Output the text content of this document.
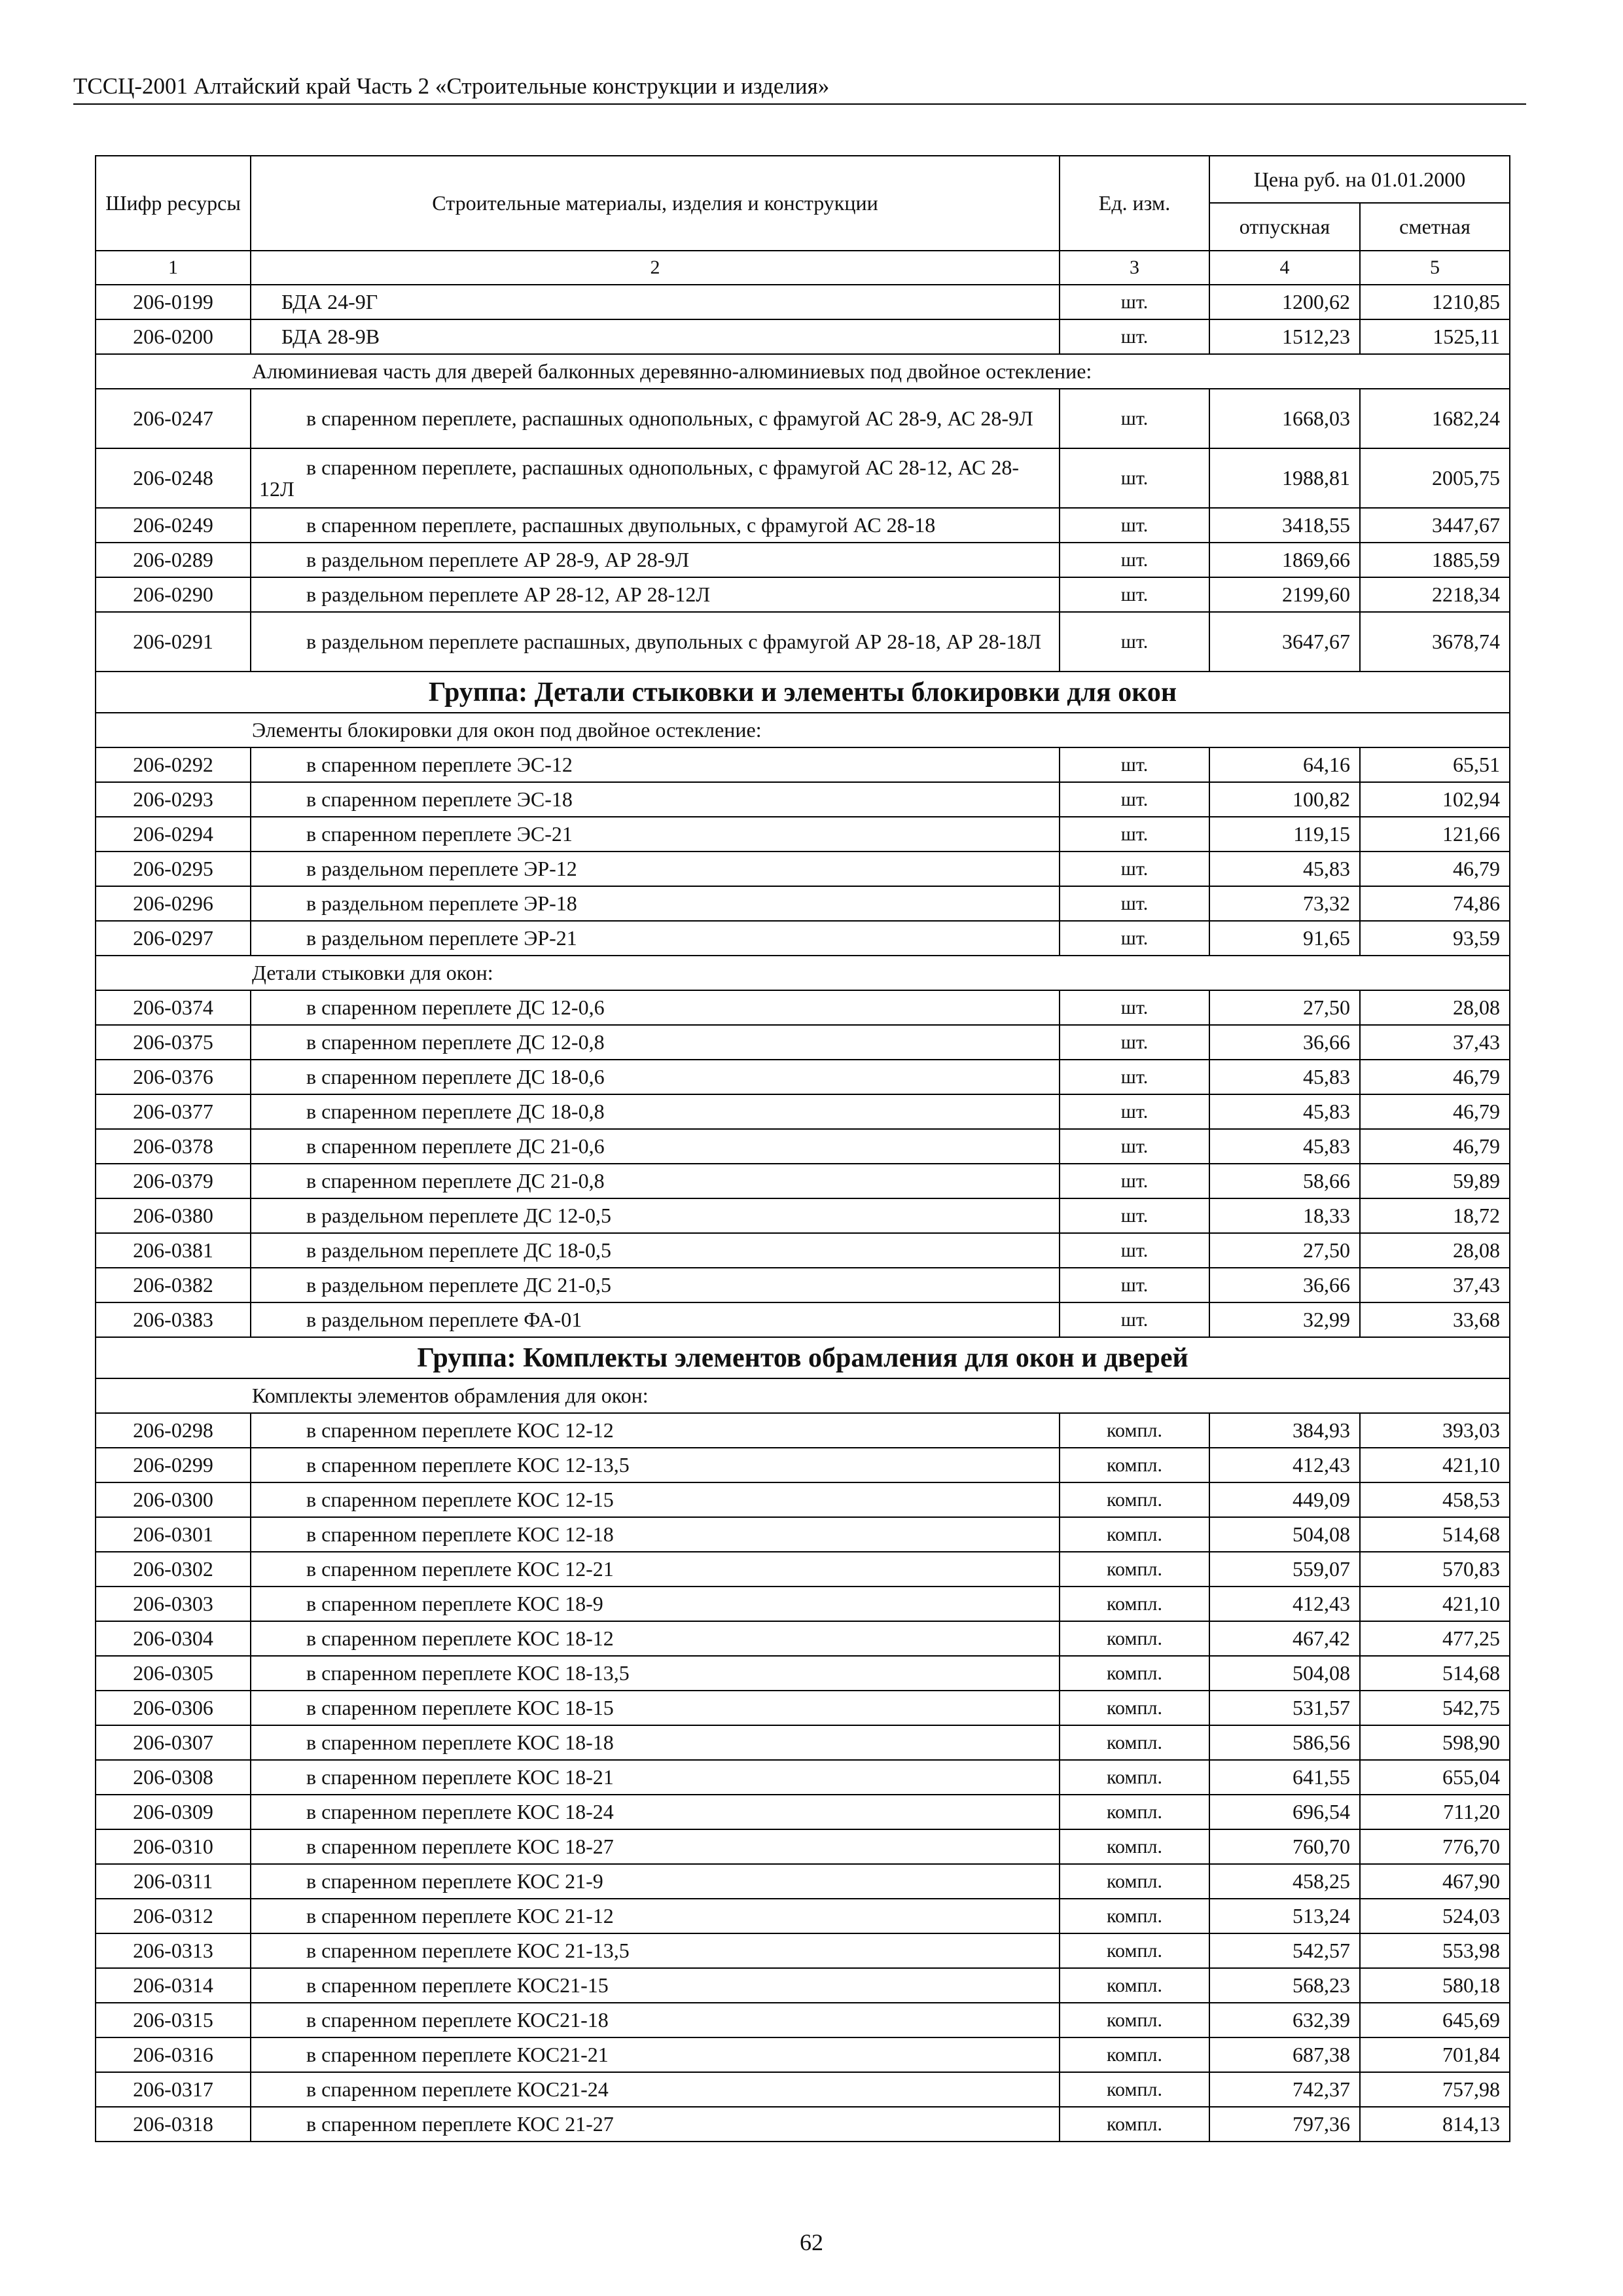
ТССЦ-2001 Алтайский край Часть 2 «Строительные конструкции и изделия»
Шифр ресурсы	Строительные материалы, изделия и конструкции	Ед. изм.	Цена руб. на 01.01.2000	
			отпускная	сметная
1	2	3	4	5
206-0199	БДА 24-9Г	шт.	1200,62	1210,85
206-0200	БДА 28-9В	шт.	1512,23	1525,11
Алюминиевая часть для дверей балконных деревянно-алюминиевых под двойное остекление:				
206-0247	в спаренном переплете, распашных однопольных, с фрамугой АС 28-9, АС 28-9Л	шт.	1668,03	1682,24
206-0248	в спаренном переплете, распашных однопольных, с фрамугой АС 28-12, АС 28-12Л	шт.	1988,81	2005,75
206-0249	в спаренном переплете, распашных двупольных, с фрамугой АС 28-18	шт.	3418,55	3447,67
206-0289	в раздельном переплете АР 28-9, АР 28-9Л	шт.	1869,66	1885,59
206-0290	в раздельном переплете АР 28-12, АР 28-12Л	шт.	2199,60	2218,34
206-0291	в раздельном переплете распашных, двупольных с фрамугой АР 28-18, АР 28-18Л	шт.	3647,67	3678,74
Группа: Детали стыковки и элементы блокировки для окон				
Элементы блокировки для окон под двойное остекление:				
206-0292	в спаренном переплете ЭС-12	шт.	64,16	65,51
206-0293	в спаренном переплете ЭС-18	шт.	100,82	102,94
206-0294	в спаренном переплете ЭС-21	шт.	119,15	121,66
206-0295	в раздельном переплете ЭР-12	шт.	45,83	46,79
206-0296	в раздельном переплете ЭР-18	шт.	73,32	74,86
206-0297	в раздельном переплете ЭР-21	шт.	91,65	93,59
Детали стыковки для окон:				
206-0374	в спаренном переплете ДС 12-0,6	шт.	27,50	28,08
206-0375	в спаренном переплете ДС 12-0,8	шт.	36,66	37,43
206-0376	в спаренном переплете ДС 18-0,6	шт.	45,83	46,79
206-0377	в спаренном переплете ДС 18-0,8	шт.	45,83	46,79
206-0378	в спаренном переплете ДС 21-0,6	шт.	45,83	46,79
206-0379	в спаренном переплете ДС 21-0,8	шт.	58,66	59,89
206-0380	в раздельном переплете ДС 12-0,5	шт.	18,33	18,72
206-0381	в раздельном переплете ДС 18-0,5	шт.	27,50	28,08
206-0382	в раздельном переплете ДС 21-0,5	шт.	36,66	37,43
206-0383	в раздельном переплете ФА-01	шт.	32,99	33,68
Группа: Комплекты элементов обрамления для окон и дверей				
Комплекты элементов обрамления для окон:				
206-0298	в спаренном переплете КОС 12-12	компл.	384,93	393,03
206-0299	в спаренном переплете КОС 12-13,5	компл.	412,43	421,10
206-0300	в спаренном переплете КОС 12-15	компл.	449,09	458,53
206-0301	в спаренном переплете КОС 12-18	компл.	504,08	514,68
206-0302	в спаренном переплете КОС 12-21	компл.	559,07	570,83
206-0303	в спаренном переплете КОС 18-9	компл.	412,43	421,10
206-0304	в спаренном переплете КОС 18-12	компл.	467,42	477,25
206-0305	в спаренном переплете КОС 18-13,5	компл.	504,08	514,68
206-0306	в спаренном переплете КОС 18-15	компл.	531,57	542,75
206-0307	в спаренном переплете КОС 18-18	компл.	586,56	598,90
206-0308	в спаренном переплете КОС 18-21	компл.	641,55	655,04
206-0309	в спаренном переплете КОС 18-24	компл.	696,54	711,20
206-0310	в спаренном переплете КОС 18-27	компл.	760,70	776,70
206-0311	в спаренном переплете КОС 21-9	компл.	458,25	467,90
206-0312	в спаренном переплете КОС 21-12	компл.	513,24	524,03
206-0313	в спаренном переплете КОС 21-13,5	компл.	542,57	553,98
206-0314	в спаренном переплете КОС21-15	компл.	568,23	580,18
206-0315	в спаренном переплете КОС21-18	компл.	632,39	645,69
206-0316	в спаренном переплете КОС21-21	компл.	687,38	701,84
206-0317	в спаренном переплете КОС21-24	компл.	742,37	757,98
206-0318	в спаренном переплете КОС 21-27	компл.	797,36	814,13
62
